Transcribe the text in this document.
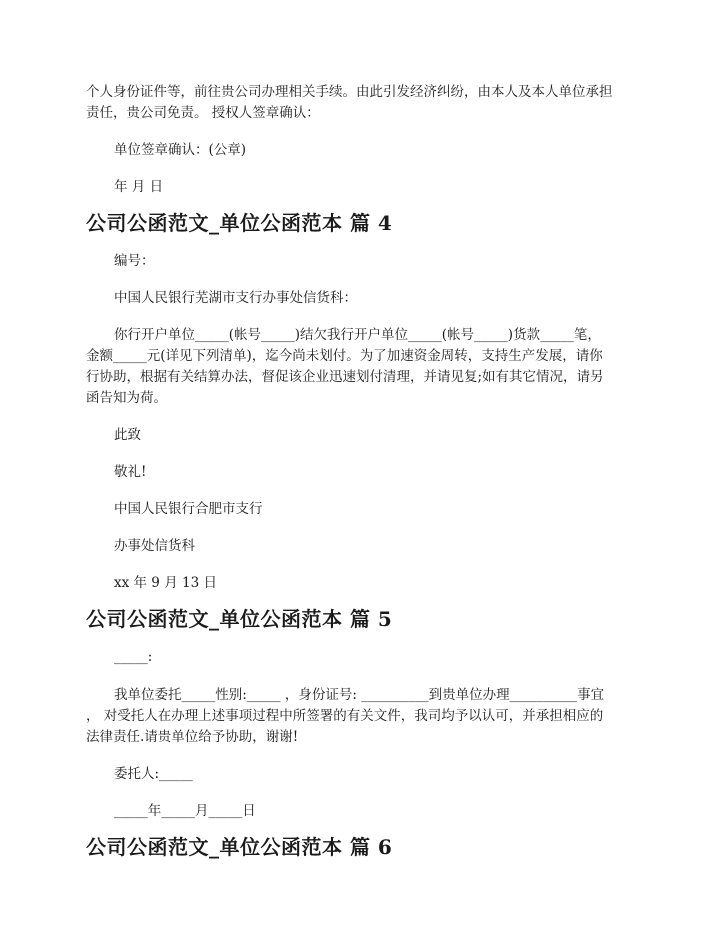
个人身份证件等，前往贵公司办理相关手续。由此引发经济纠纷，由本人及本人单位承担

责任，贵公司免责。 授权人签章确认：

单位签章确认：(公章)

年 月 日

公司公函范文_单位公函范本 篇 4

编号：

中国人民银行芜湖市支行办事处信货科：

你行开户单位_____(帐号_____)结欠我行开户单位_____(帐号_____)货款_____笔，

金额_____元(详见下列清单)，迄今尚未划付。为了加速资金周转，支持生产发展，请你

行协助，根据有关结算办法，督促该企业迅速划付清理，并请见复;如有其它情况，请另

函告知为荷。

此致

敬礼!

中国人民银行合肥市支行

办事处信货科

xx 年 9 月 13 日

公司公函范文_单位公函范本 篇 5

_____:

我单位委托_____性别:_____ ，身份证号: __________到贵单位办理__________事宜

， 对受托人在办理上述事项过程中所签署的有关文件，我司均予以认可，并承担相应的

法律责任.请贵单位给予协助，谢谢!

委托人:_____

_____年_____月_____日

公司公函范文_单位公函范本 篇 6
